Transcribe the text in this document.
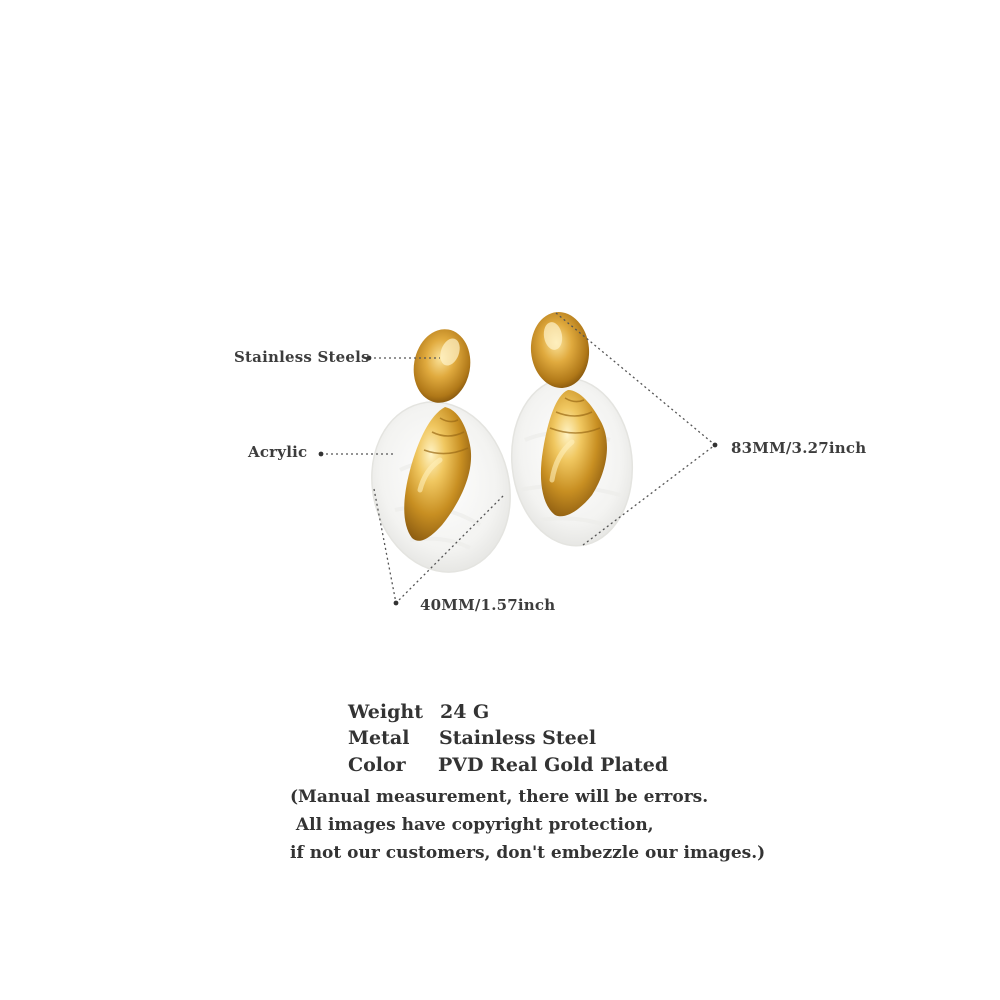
Stainless Steels
Acrylic	83MM/3.27inch
40MM/1.57inch
Weight 24 G
Metal Stainless Steel
Color PVD Real Gold Plated
(Manual measurement, there will be errors.
All images have copyright protection,
if not our customers, don't embezzle our images.)
